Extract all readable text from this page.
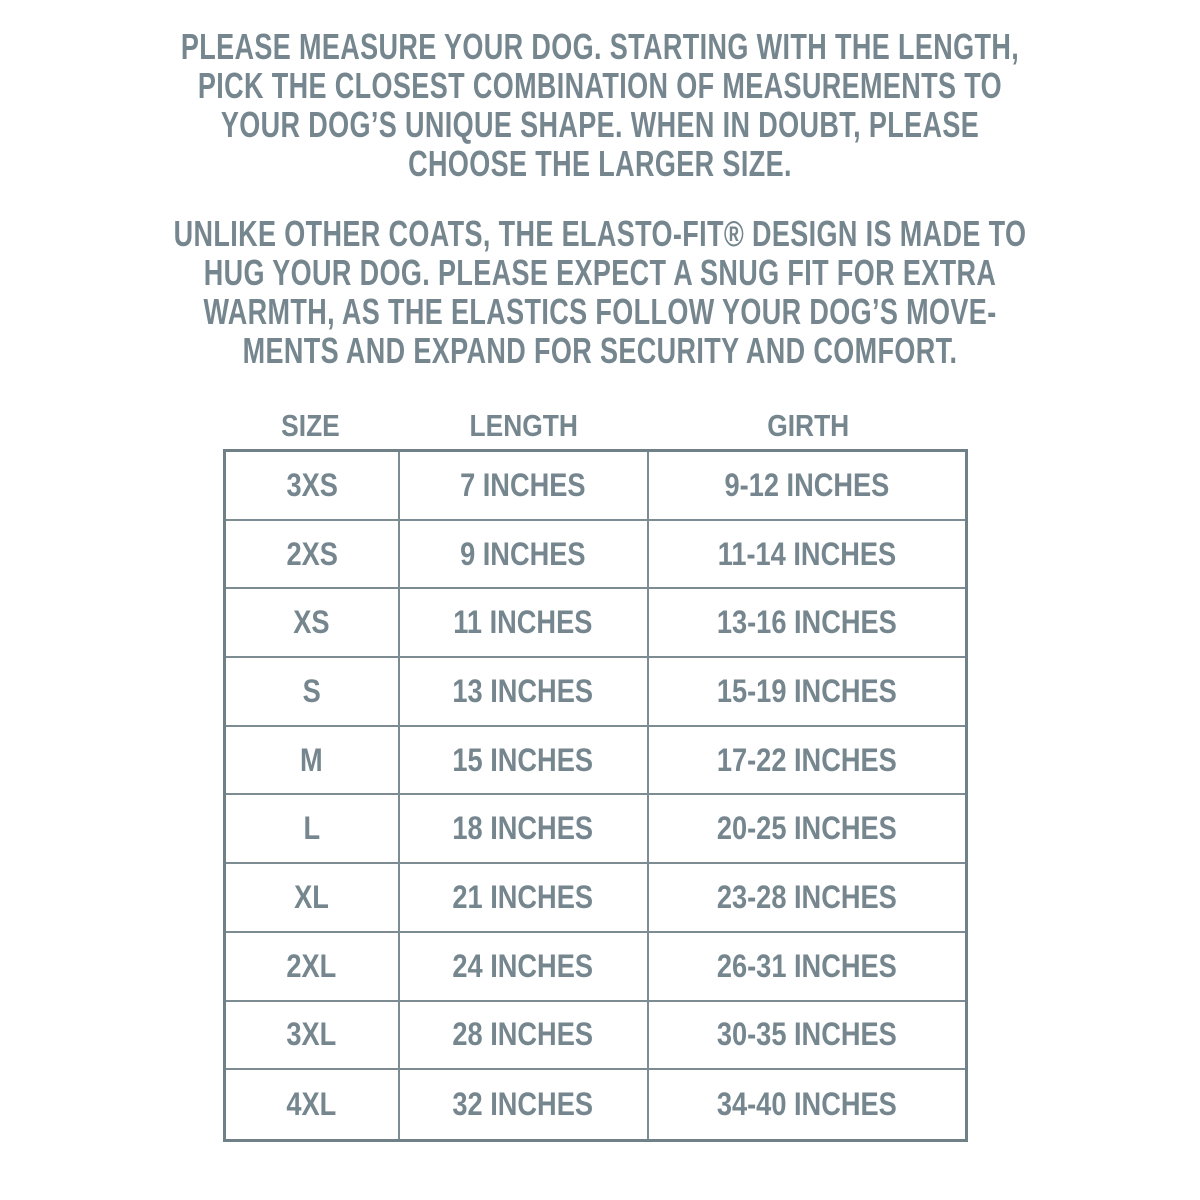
PLEASE MEASURE YOUR DOG. STARTING WITH THE LENGTH,
PICK THE CLOSEST COMBINATION OF MEASUREMENTS TO
YOUR DOG’S UNIQUE SHAPE. WHEN IN DOUBT, PLEASE
CHOOSE THE LARGER SIZE.
UNLIKE OTHER COATS, THE ELASTO-FIT® DESIGN IS MADE TO
HUG YOUR DOG. PLEASE EXPECT A SNUG FIT FOR EXTRA
WARMTH, AS THE ELASTICS FOLLOW YOUR DOG’S MOVE-
MENTS AND EXPAND FOR SECURITY AND COMFORT.
SIZE	LENGTH	GIRTH
3XS	7 INCHES	9-12 INCHES
2XS	9 INCHES	11-14 INCHES
XS	11 INCHES	13-16 INCHES
S	13 INCHES	15-19 INCHES
M	15 INCHES	17-22 INCHES
L	18 INCHES	20-25 INCHES
XL	21 INCHES	23-28 INCHES
2XL	24 INCHES	26-31 INCHES
3XL	28 INCHES	30-35 INCHES
4XL	32 INCHES	34-40 INCHES
